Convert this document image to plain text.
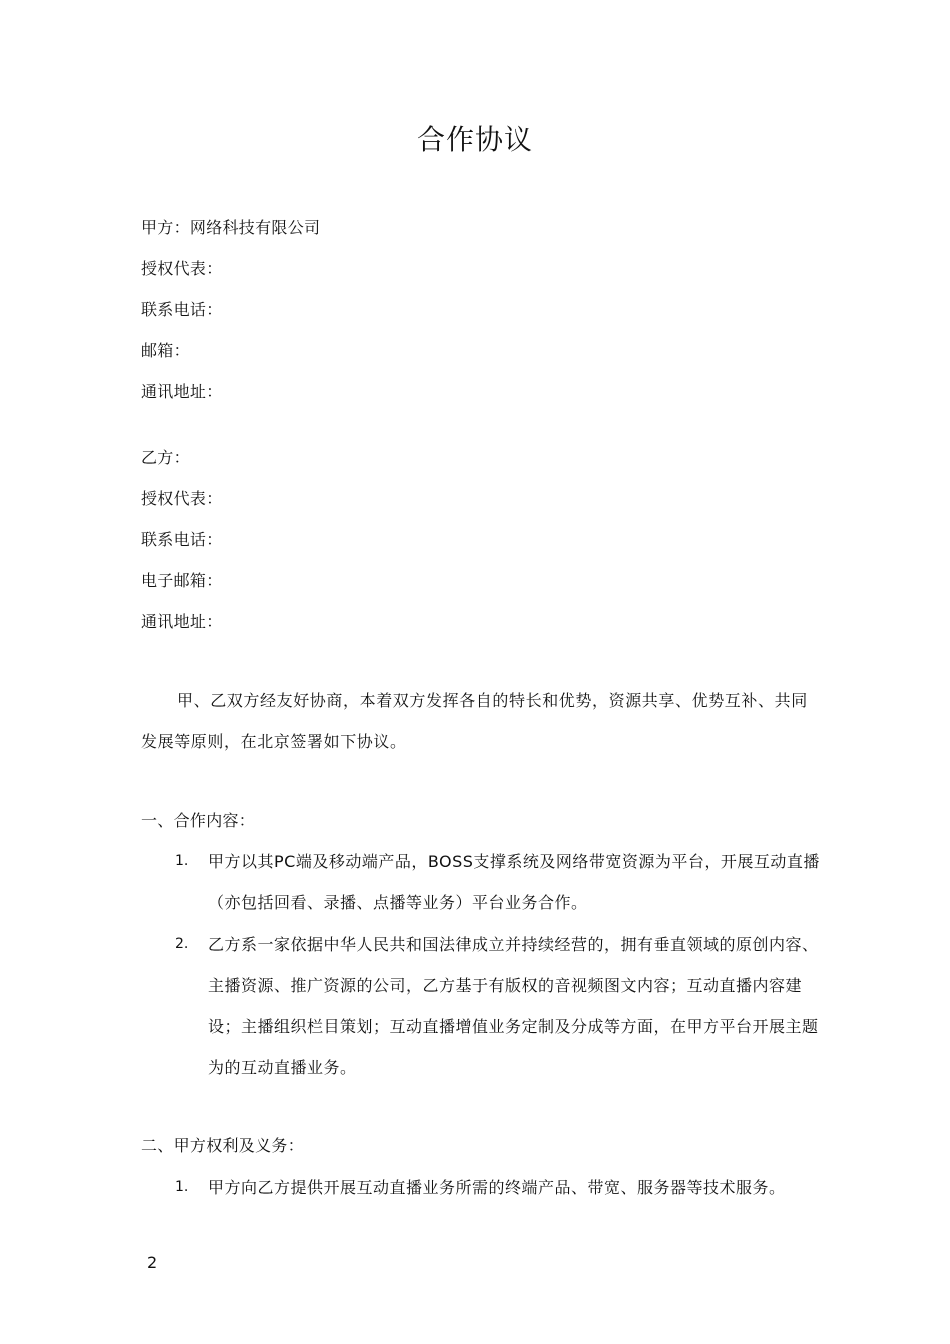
合作协议
甲方：网络科技有限公司
授权代表：
联系电话：
邮箱：
通讯地址：
乙方：
授权代表：
联系电话：
电子邮箱：
通讯地址：
甲、乙双方经友好协商，本着双方发挥各自的特长和优势，资源共享、优势互补、共同发展等原则，在北京签署如下协议。
一、合作内容：
1.	甲方以其PC端及移动端产品，BOSS支撑系统及网络带宽资源为平台，开展互动直播（亦包括回看、录播、点播等业务）平台业务合作。
2.	乙方系一家依据中华人民共和国法律成立并持续经营的，拥有垂直领域的原创内容、主播资源、推广资源的公司，乙方基于有版权的音视频图文内容；互动直播内容建设；主播组织栏目策划；互动直播增值业务定制及分成等方面，在甲方平台开展主题为的互动直播业务。
二、甲方权利及义务：
1.	甲方向乙方提供开展互动直播业务所需的终端产品、带宽、服务器等技术服务。
2
